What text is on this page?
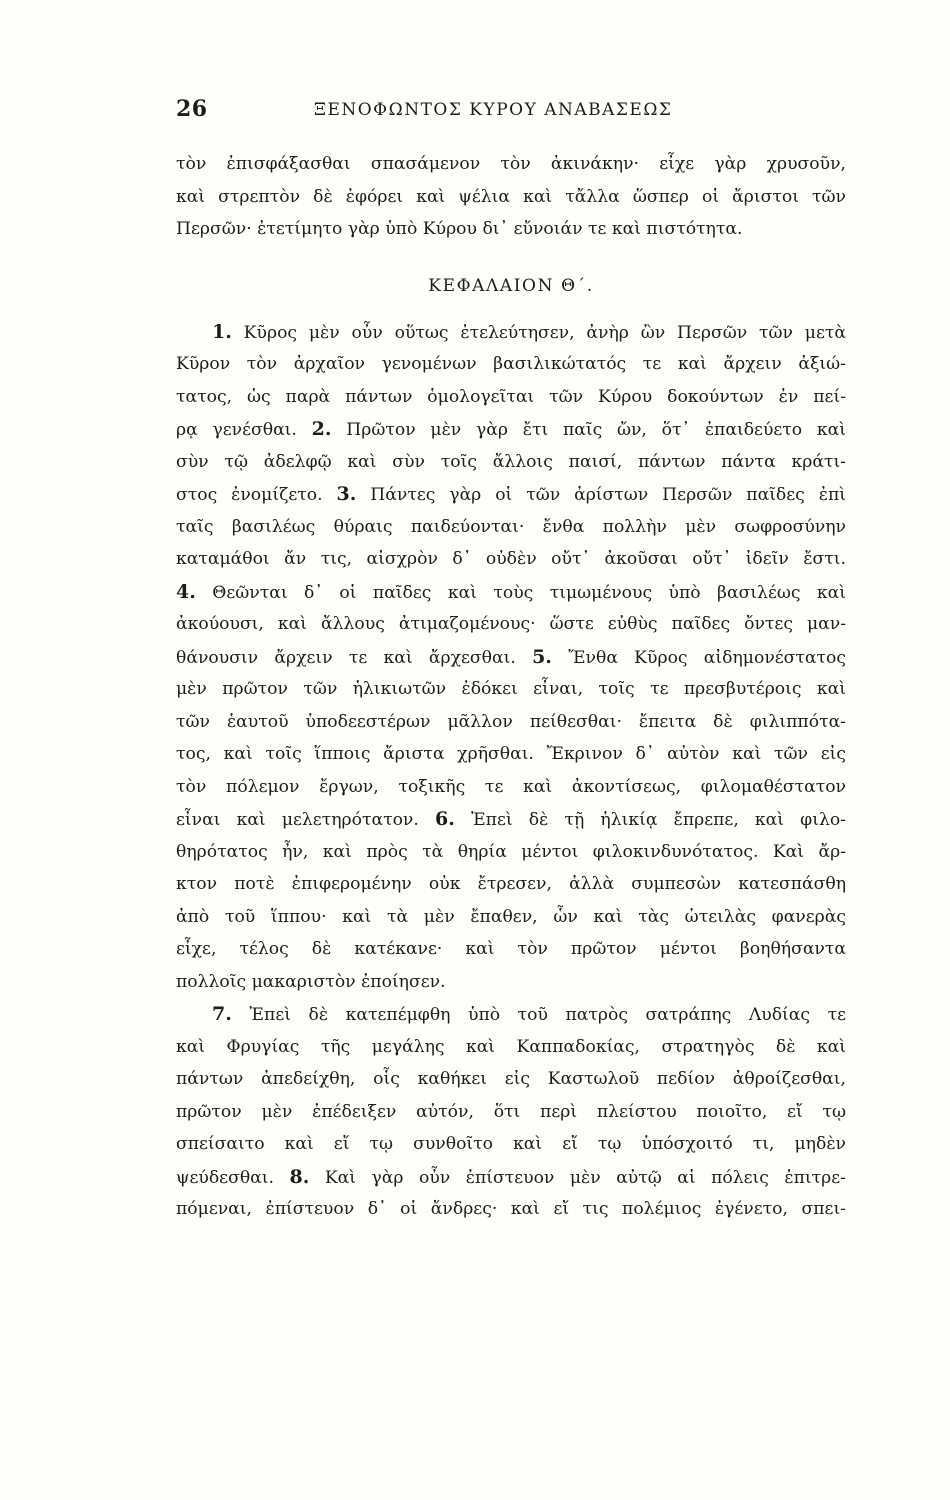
26	ΞΕΝΟΦΩΝΤΟΣ ΚΥΡΟΥ ΑΝΑΒΑΣΕΩΣ
τὸν ἐπισφάξασθαι σπασάμενον τὸν ἀκινάκην· εἶχε γὰρ χρυσοῦν,
καὶ στρεπτὸν δὲ ἐφόρει καὶ ψέλια καὶ τἄλλα ὥσπερ οἱ ἄριστοι τῶν
Περσῶν· ἐτετίμητο γὰρ ὑπὸ Κύρου δι᾽ εὔνοιάν τε καὶ πιστότητα.
ΚΕΦΑΛΑΙΟΝ Θ΄.
1. Κῦρος μὲν οὖν οὕτως ἐτελεύτησεν, ἀνὴρ ὢν Περσῶν τῶν μετὰ
Κῦρον τὸν ἀρχαῖον γενομένων βασιλικώτατός τε καὶ ἄρχειν ἀξιώ-
τατος, ὡς παρὰ πάντων ὁμολογεῖται τῶν Κύρου δοκούντων ἐν πεί-
ρᾳ γενέσθαι. 2. Πρῶτον μὲν γὰρ ἔτι παῖς ὤν, ὅτ᾽ ἐπαιδεύετο καὶ
σὺν τῷ ἀδελφῷ καὶ σὺν τοῖς ἄλλοις παισί, πάντων πάντα κράτι-
στος ἐνομίζετο. 3. Πάντες γὰρ οἱ τῶν ἀρίστων Περσῶν παῖδες ἐπὶ
ταῖς βασιλέως θύραις παιδεύονται· ἔνθα πολλὴν μὲν σωφροσύνην
καταμάθοι ἄν τις, αἰσχρὸν δ᾽ οὐδὲν οὔτ᾽ ἀκοῦσαι οὔτ᾽ ἰδεῖν ἔστι.
4. Θεῶνται δ᾽ οἱ παῖδες καὶ τοὺς τιμωμένους ὑπὸ βασιλέως καὶ
ἀκούουσι, καὶ ἄλλους ἀτιμαζομένους· ὥστε εὐθὺς παῖδες ὄντες μαν-
θάνουσιν ἄρχειν τε καὶ ἄρχεσθαι. 5. Ἔνθα Κῦρος αἰδημονέστατος
μὲν πρῶτον τῶν ἡλικιωτῶν ἐδόκει εἶναι, τοῖς τε πρεσβυτέροις καὶ
τῶν ἑαυτοῦ ὑποδεεστέρων μᾶλλον πείθεσθαι· ἔπειτα δὲ φιλιππότα-
τος, καὶ τοῖς ἵπποις ἄριστα χρῆσθαι. Ἔκρινον δ᾽ αὐτὸν καὶ τῶν εἰς
τὸν πόλεμον ἔργων, τοξικῆς τε καὶ ἀκοντίσεως, φιλομαθέστατον
εἶναι καὶ μελετηρότατον. 6. Ἐπεὶ δὲ τῇ ἡλικίᾳ ἔπρεπε, καὶ φιλο-
θηρότατος ἦν, καὶ πρὸς τὰ θηρία μέντοι φιλοκινδυνότατος. Καὶ ἄρ-
κτον ποτὲ ἐπιφερομένην οὐκ ἔτρεσεν, ἀλλὰ συμπεσὼν κατεσπάσθη
ἀπὸ τοῦ ἵππου· καὶ τὰ μὲν ἔπαθεν, ὧν καὶ τὰς ὠτειλὰς φανερὰς
εἶχε, τέλος δὲ κατέκανε· καὶ τὸν πρῶτον μέντοι βοηθήσαντα
πολλοῖς μακαριστὸν ἐποίησεν.
7. Ἐπεὶ δὲ κατεπέμφθη ὑπὸ τοῦ πατρὸς σατράπης Λυδίας τε
καὶ Φρυγίας τῆς μεγάλης καὶ Καππαδοκίας, στρατηγὸς δὲ καὶ
πάντων ἀπεδείχθη, οἷς καθήκει εἰς Καστωλοῦ πεδίον ἀθροίζεσθαι,
πρῶτον μὲν ἐπέδειξεν αὐτόν, ὅτι περὶ πλείστου ποιοῖτο, εἴ τῳ
σπείσαιτο καὶ εἴ τῳ συνθοῖτο καὶ εἴ τῳ ὑπόσχοιτό τι, μηδὲν
ψεύδεσθαι. 8. Καὶ γὰρ οὖν ἐπίστευον μὲν αὐτῷ αἱ πόλεις ἐπιτρε-
πόμεναι, ἐπίστευον δ᾽ οἱ ἄνδρες· καὶ εἴ τις πολέμιος ἐγένετο, σπει-
